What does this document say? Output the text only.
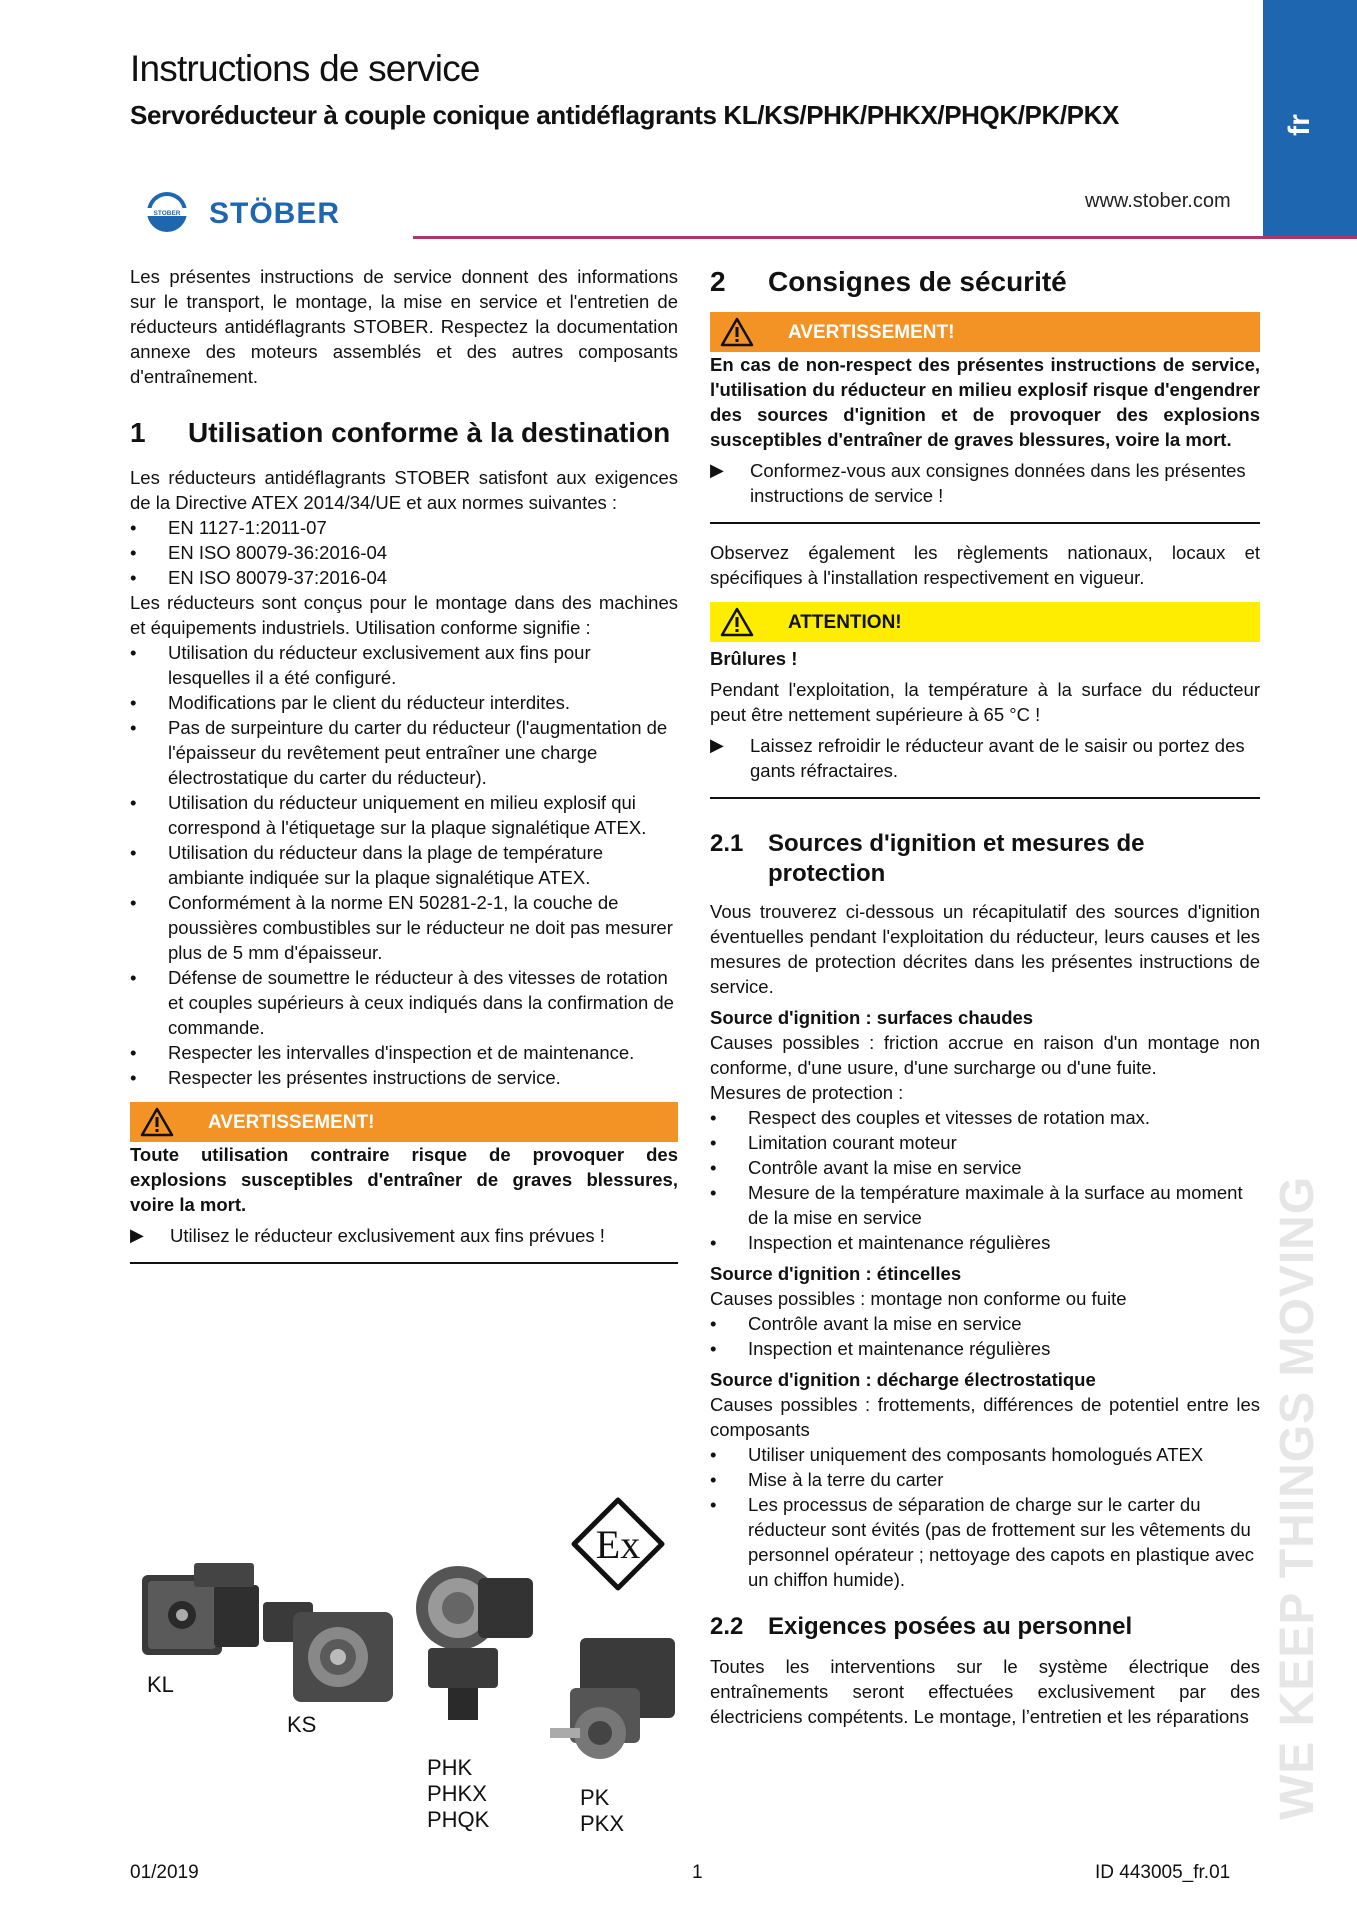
Instructions de service
Servoréducteur à couple conique antidéflagrants KL/KS/PHK/PHKX/PHQK/PK/PKX	fr
STOBER STÖBER	www.stober.com
WE KEEP THINGS MOVING

Les présentes instructions de service donnent des informations sur le transport, le montage, la mise en service et l'entretien de réducteurs antidéflagrants STOBER. Respectez la documentation annexe des moteurs assemblés et des autres composants d'entraînement.

1	Utilisation conforme à la destination

Les réducteurs antidéflagrants STOBER satisfont aux exigences de la Directive ATEX 2014/34/UE et aux normes suivantes :

• EN 1127-1:2011-07
• EN ISO 80079-36:2016-04
• EN ISO 80079-37:2016-04

Les réducteurs sont conçus pour le montage dans des machines et équipements industriels. Utilisation conforme signifie :

• Utilisation du réducteur exclusivement aux fins pour lesquelles il a été configuré.
• Modifications par le client du réducteur interdites.
• Pas de surpeinture du carter du réducteur (l'augmentation de l'épaisseur du revêtement peut entraîner une charge électrostatique du carter du réducteur).
• Utilisation du réducteur uniquement en milieu explosif qui correspond à l'étiquetage sur la plaque signalétique ATEX.
• Utilisation du réducteur dans la plage de température ambiante indiquée sur la plaque signalétique ATEX.
• Conformément à la norme EN 50281-2-1, la couche de poussières combustibles sur le réducteur ne doit pas mesurer plus de 5 mm d'épaisseur.
• Défense de soumettre le réducteur à des vitesses de rotation et couples supérieurs à ceux indiqués dans la confirmation de commande.
• Respecter les intervalles d'inspection et de maintenance.
• Respecter les présentes instructions de service.
AVERTISSEMENT!

Toute utilisation contraire risque de provoquer des explosions susceptibles d'entraîner de graves blessures, voire la mort.

▶	Utilisez le réducteur exclusivement aux fins prévues !
KL
KS
PHK
PHKX
PHQK
PK
PKX
Ex
2	Consignes de sécurité
AVERTISSEMENT!

En cas de non-respect des présentes instructions de service, l'utilisation du réducteur en milieu explosif risque d'engendrer des sources d'ignition et de provoquer des explosions susceptibles d'entraîner de graves blessures, voire la mort.

▶	Conformez-vous aux consignes données dans les présentes instructions de service !

Observez également les règlements nationaux, locaux et spécifiques à l'installation respectivement en vigueur.

ATTENTION!

Brûlures !

Pendant l'exploitation, la température à la surface du réducteur peut être nettement supérieure à 65 °C !

▶	Laissez refroidir le réducteur avant de le saisir ou portez des gants réfractaires.
2.1	Sources d'ignition et mesures de protection

Vous trouverez ci-dessous un récapitulatif des sources d'ignition éventuelles pendant l'exploitation du réducteur, leurs causes et les mesures de protection décrites dans les présentes instructions de service.

Source d'ignition : surfaces chaudes

Causes possibles : friction accrue en raison d'un montage non conforme, d'une usure, d'une surcharge ou d'une fuite.

Mesures de protection :

• Respect des couples et vitesses de rotation max.
• Limitation courant moteur
• Contrôle avant la mise en service
• Mesure de la température maximale à la surface au moment de la mise en service
• Inspection et maintenance régulières

Source d'ignition : étincelles

Causes possibles : montage non conforme ou fuite

• Contrôle avant la mise en service
• Inspection et maintenance régulières

Source d'ignition : décharge électrostatique

Causes possibles : frottements, différences de potentiel entre les composants

• Utiliser uniquement des composants homologués ATEX
• Mise à la terre du carter
• Les processus de séparation de charge sur le carter du réducteur sont évités (pas de frottement sur les vêtements du personnel opérateur ; nettoyage des capots en plastique avec un chiffon humide).
2.2	Exigences posées au personnel

Toutes les interventions sur le système électrique des entraînements seront effectuées exclusivement par des électriciens compétents. Le montage, l’entretien et les réparations

01/2019	1	ID 443005_fr.01
